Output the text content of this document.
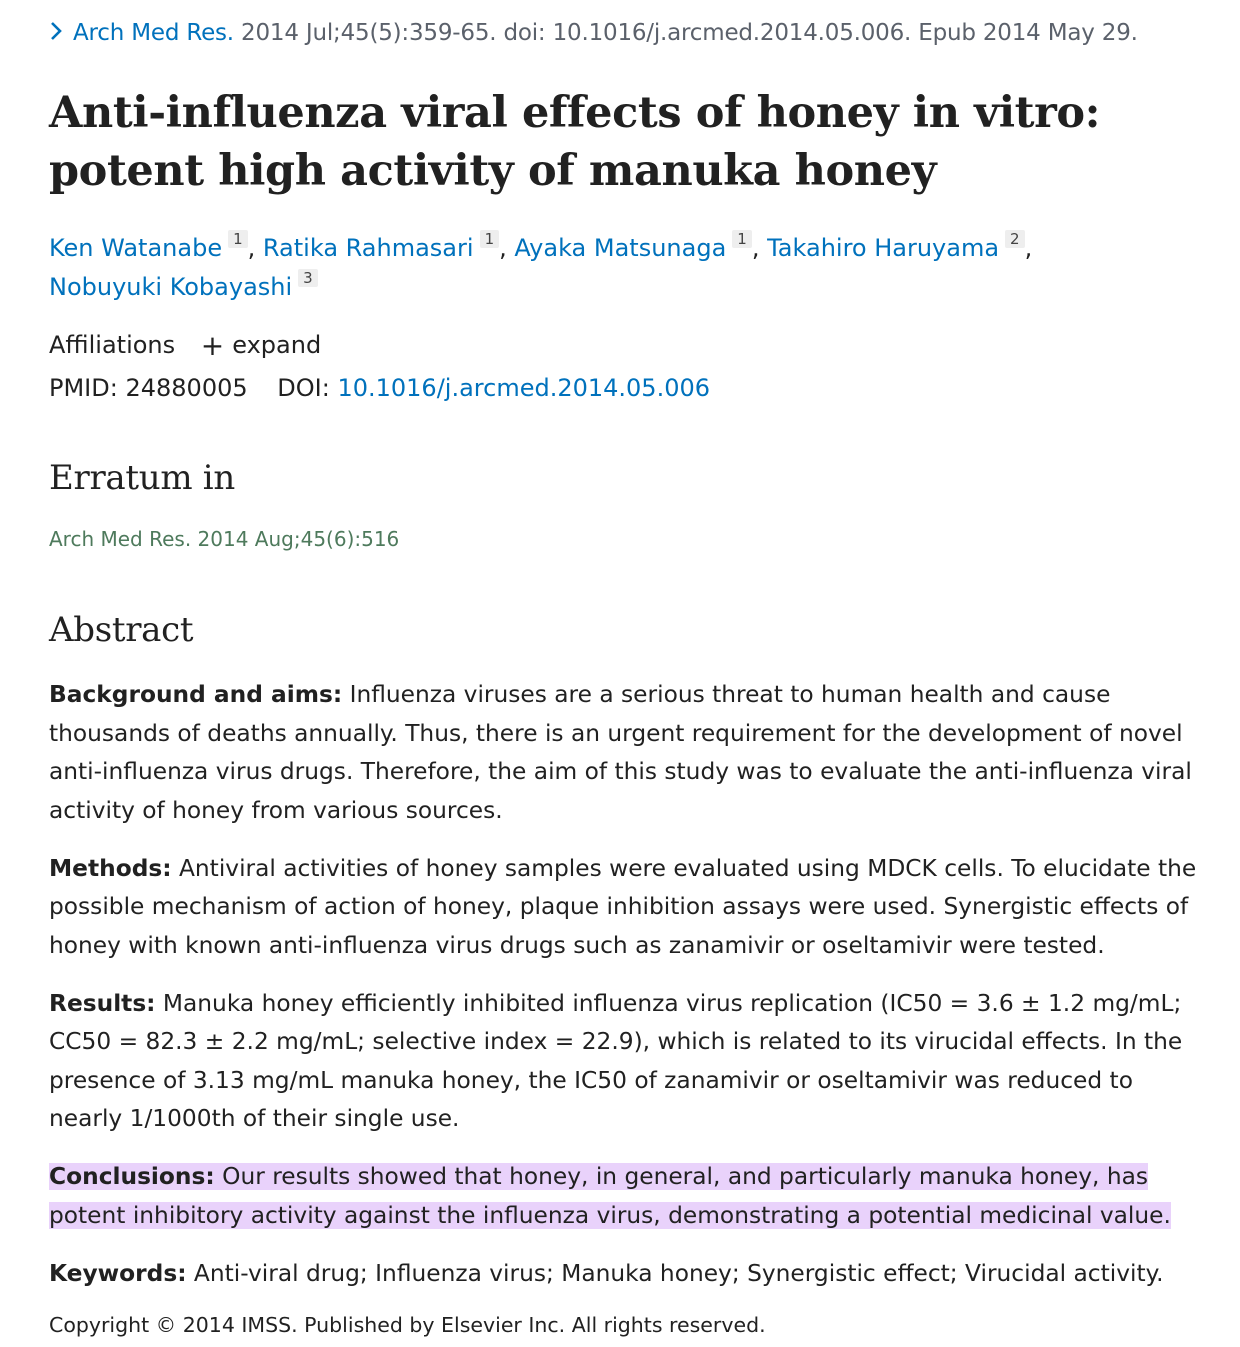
Arch Med Res. 2014 Jul;45(5):359-65. doi: 10.1016/j.arcmed.2014.05.006. Epub 2014 May 29.
Anti-influenza viral effects of honey in vitro: potent high activity of manuka honey
Ken Watanabe $^1$ , Ratika Rahmasari $^1$ , Ayaka Matsunaga $^1$ , Takahiro Haruyama $^2$ ,
Nobuyuki Kobayashi $^3$
Affiliations + expand
PMID: 24880005 DOI: 10.1016/j.arcmed.2014.05.006
Erratum in
Arch Med Res. 2014 Aug;45(6):516
Abstract

Background and aims: Influenza viruses are a serious threat to human health and cause thousands of deaths annually. Thus, there is an urgent requirement for the development of novel anti-influenza virus drugs. Therefore, the aim of this study was to evaluate the anti-influenza viral activity of honey from various sources.

Methods: Antiviral activities of honey samples were evaluated using MDCK cells. To elucidate the possible mechanism of action of honey, plaque inhibition assays were used. Synergistic effects of honey with known anti-influenza virus drugs such as zanamivir or oseltamivir were tested.

Results: Manuka honey efficiently inhibited influenza virus replication (IC50 = 3.6 ± 1.2 mg/mL; CC50 = 82.3 ± 2.2 mg/mL; selective index = 22.9), which is related to its virucidal effects. In the presence of 3.13 mg/mL manuka honey, the IC50 of zanamivir or oseltamivir was reduced to nearly 1/1000th of their single use.

Conclusions: Our results showed that honey, in general, and particularly manuka honey, has potent inhibitory activity against the influenza virus, demonstrating a potential medicinal value.

Keywords: Anti-viral drug; Influenza virus; Manuka honey; Synergistic effect; Virucidal activity.

Copyright © 2014 IMSS. Published by Elsevier Inc. All rights reserved.
